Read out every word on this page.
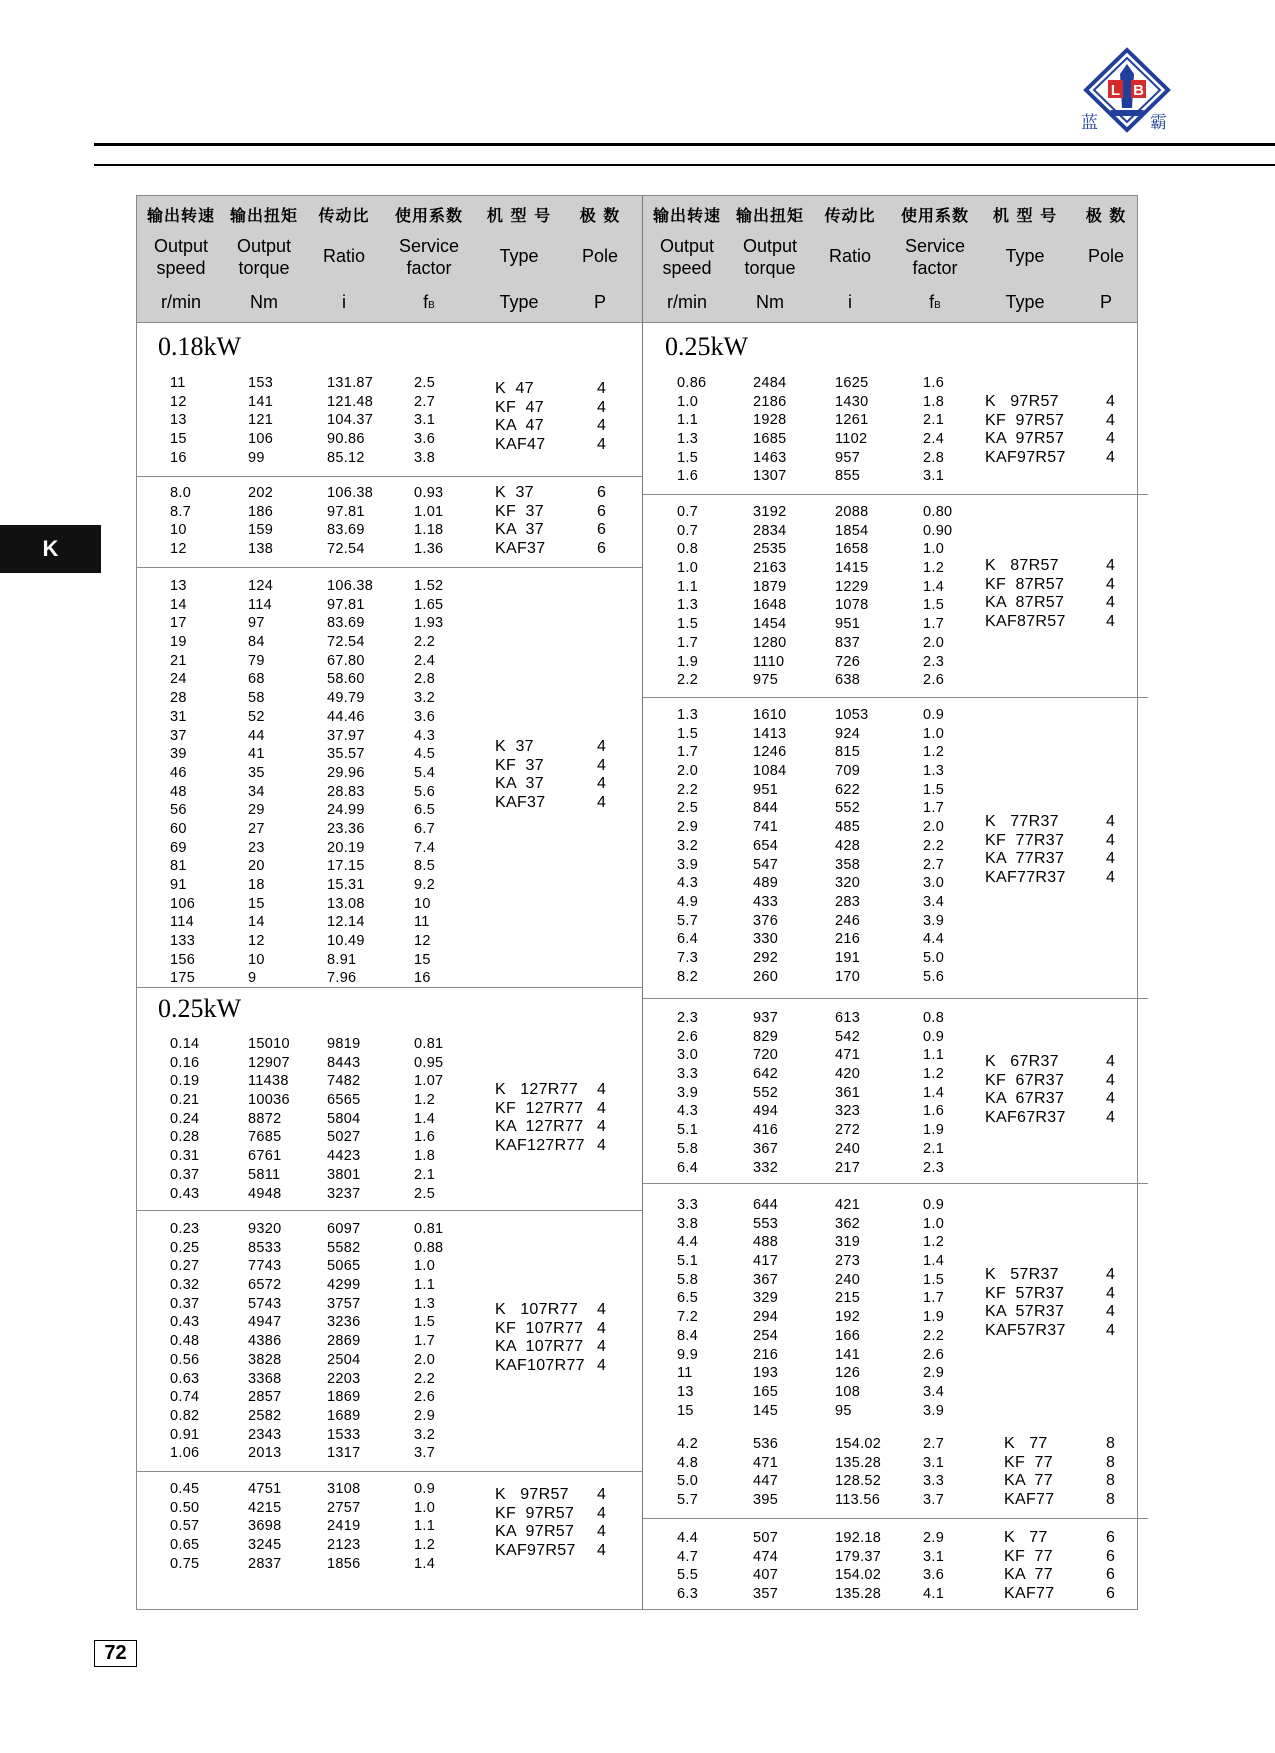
L B
蓝	霸
K
输出转速
Output speed
r/min
输出扭矩
Output torque
Nm
传动比
Ratio
i
使用系数
Service factor
fB
机 型 号
Type
Type
极 数
Pole
P
输出转速
Output speed
r/min
输出扭矩
Output torque
Nm
传动比
Ratio
i
使用系数
Service factor
fB
机 型 号
Type
Type
极 数
Pole
P
0.18kW
11
12
13
15
16
153
141
121
106
99
131.87
121.48
104.37
90.86
85.12
2.5
2.7
3.1
3.6
3.8
K  47
KF  47
KA  47
KAF47
4
4
4
4
8.0
8.7
10
12
202
186
159
138
106.38
97.81
83.69
72.54
0.93
1.01
1.18
1.36
K  37
KF  37
KA  37
KAF37
6
6
6
6
13
14
17
19
21
24
28
31
37
39
46
48
56
60
69
81
91
106
114
133
156
175
124
114
97
84
79
68
58
52
44
41
35
34
29
27
23
20
18
15
14
12
10
9
106.38
97.81
83.69
72.54
67.80
58.60
49.79
44.46
37.97
35.57
29.96
28.83
24.99
23.36
20.19
17.15
15.31
13.08
12.14
10.49
8.91
7.96
1.52
1.65
1.93
2.2
2.4
2.8
3.2
3.6
4.3
4.5
5.4
5.6
6.5
6.7
7.4
8.5
9.2
10
11
12
15
16
K  37
KF  37
KA  37
KAF37
4
4
4
4
0.25kW
0.14
0.16
0.19
0.21
0.24
0.28
0.31
0.37
0.43
15010
12907
11438
10036
8872
7685
6761
5811
4948
9819
8443
7482
6565
5804
5027
4423
3801
3237
0.81
0.95
1.07
1.2
1.4
1.6
1.8
2.1
2.5
K   127R77
KF  127R77
KA  127R77
KAF127R77
4
4
4
4
0.23
0.25
0.27
0.32
0.37
0.43
0.48
0.56
0.63
0.74
0.82
0.91
1.06
9320
8533
7743
6572
5743
4947
4386
3828
3368
2857
2582
2343
2013
6097
5582
5065
4299
3757
3236
2869
2504
2203
1869
1689
1533
1317
0.81
0.88
1.0
1.1
1.3
1.5
1.7
2.0
2.2
2.6
2.9
3.2
3.7
K   107R77
KF  107R77
KA  107R77
KAF107R77
4
4
4
4
0.45
0.50
0.57
0.65
0.75
4751
4215
3698
3245
2837
3108
2757
2419
2123
1856
0.9
1.0
1.1
1.2
1.4
K   97R57
KF  97R57
KA  97R57
KAF97R57
4
4
4
4
0.25kW
0.86
1.0
1.1
1.3
1.5
1.6
2484
2186
1928
1685
1463
1307
1625
1430
1261
1102
957
855
1.6
1.8
2.1
2.4
2.8
3.1
K   97R57
KF  97R57
KA  97R57
KAF97R57
4
4
4
4
0.7
0.7
0.8
1.0
1.1
1.3
1.5
1.7
1.9
2.2
3192
2834
2535
2163
1879
1648
1454
1280
1110
975
2088
1854
1658
1415
1229
1078
951
837
726
638
0.80
0.90
1.0
1.2
1.4
1.5
1.7
2.0
2.3
2.6
K   87R57
KF  87R57
KA  87R57
KAF87R57
4
4
4
4
1.3
1.5
1.7
2.0
2.2
2.5
2.9
3.2
3.9
4.3
4.9
5.7
6.4
7.3
8.2
1610
1413
1246
1084
951
844
741
654
547
489
433
376
330
292
260
1053
924
815
709
622
552
485
428
358
320
283
246
216
191
170
0.9
1.0
1.2
1.3
1.5
1.7
2.0
2.2
2.7
3.0
3.4
3.9
4.4
5.0
5.6
K   77R37
KF  77R37
KA  77R37
KAF77R37
4
4
4
4
2.3
2.6
3.0
3.3
3.9
4.3
5.1
5.8
6.4
937
829
720
642
552
494
416
367
332
613
542
471
420
361
323
272
240
217
0.8
0.9
1.1
1.2
1.4
1.6
1.9
2.1
2.3
K   67R37
KF  67R37
KA  67R37
KAF67R37
4
4
4
4
3.3
3.8
4.4
5.1
5.8
6.5
7.2
8.4
9.9
11
13
15
644
553
488
417
367
329
294
254
216
193
165
145
421
362
319
273
240
215
192
166
141
126
108
95
0.9
1.0
1.2
1.4
1.5
1.7
1.9
2.2
2.6
2.9
3.4
3.9
K   57R37
KF  57R37
KA  57R37
KAF57R37
4
4
4
4
4.2
4.8
5.0
5.7
536
471
447
395
154.02
135.28
128.52
113.56
2.7
3.1
3.3
3.7
K   77
KF  77
KA  77
KAF77
8
8
8
8
4.4
4.7
5.5
6.3
507
474
407
357
192.18
179.37
154.02
135.28
2.9
3.1
3.6
4.1
K   77
KF  77
KA  77
KAF77
6
6
6
6
72
